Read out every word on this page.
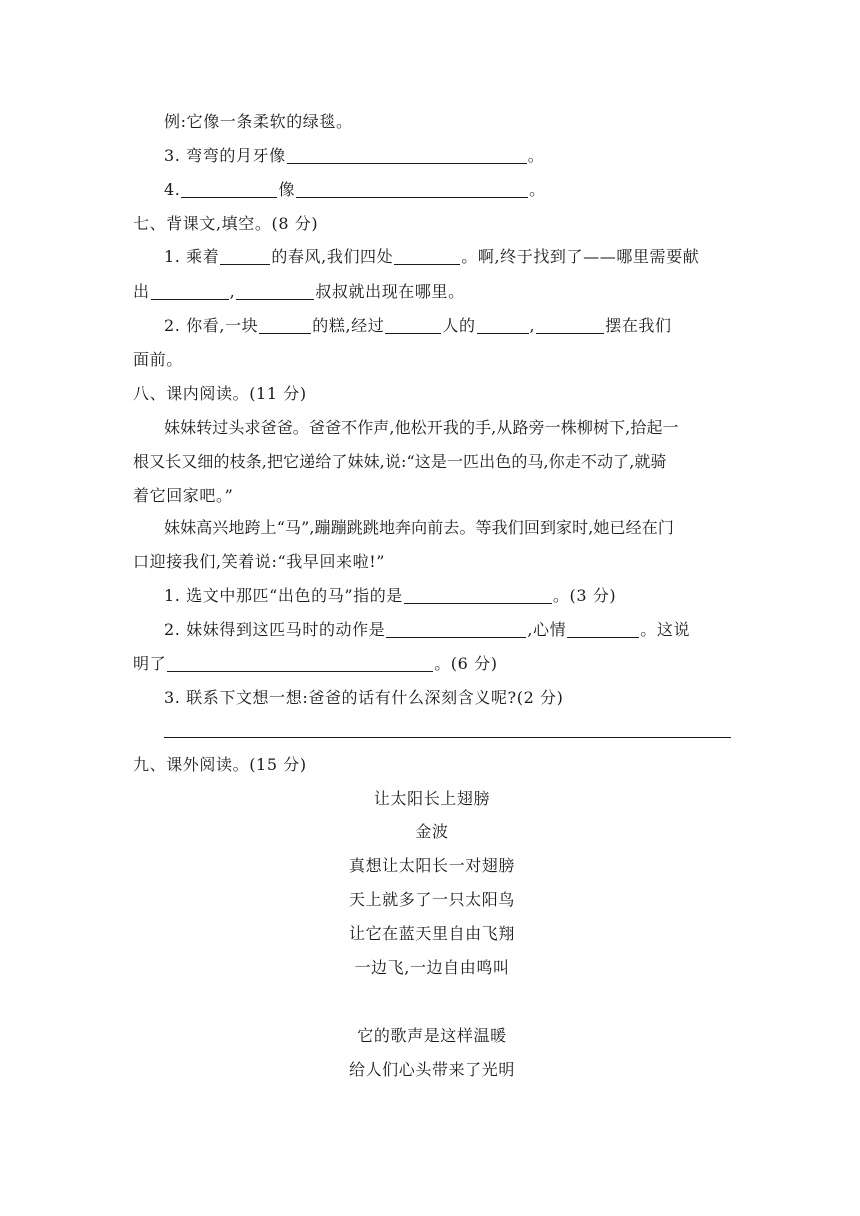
例:它像一条柔软的绿毯。
3. 弯弯的月牙像	。
4.	像	。
七、背课文,填空。(8 分)
1. 乘着	的春风,我们四处	。啊,终于找到了——哪里需要献
出	,	叔叔就出现在哪里。
2. 你看,一块	的糕,经过	人的	,	摆在我们
面前。
八、课内阅读。(11 分)
妹妹转过头求爸爸。爸爸不作声,他松开我的手,从路旁一株柳树下,拾起一
根又长又细的枝条,把它递给了妹妹,说:“这是一匹出色的马,你走不动了,就骑
着它回家吧。”
妹妹高兴地跨上“马”,蹦蹦跳跳地奔向前去。等我们回到家时,她已经在门
口迎接我们,笑着说:“我早回来啦!”
1. 选文中那匹“出色的马”指的是	。(3 分)
2. 妹妹得到这匹马时的动作是	,心情	。这说
明了	。(6 分)
3. 联系下文想一想:爸爸的话有什么深刻含义呢?(2 分)
九、课外阅读。(15 分)
让太阳长上翅膀
金波
真想让太阳长一对翅膀
天上就多了一只太阳鸟
让它在蓝天里自由飞翔
一边飞,一边自由鸣叫
它的歌声是这样温暖
给人们心头带来了光明
